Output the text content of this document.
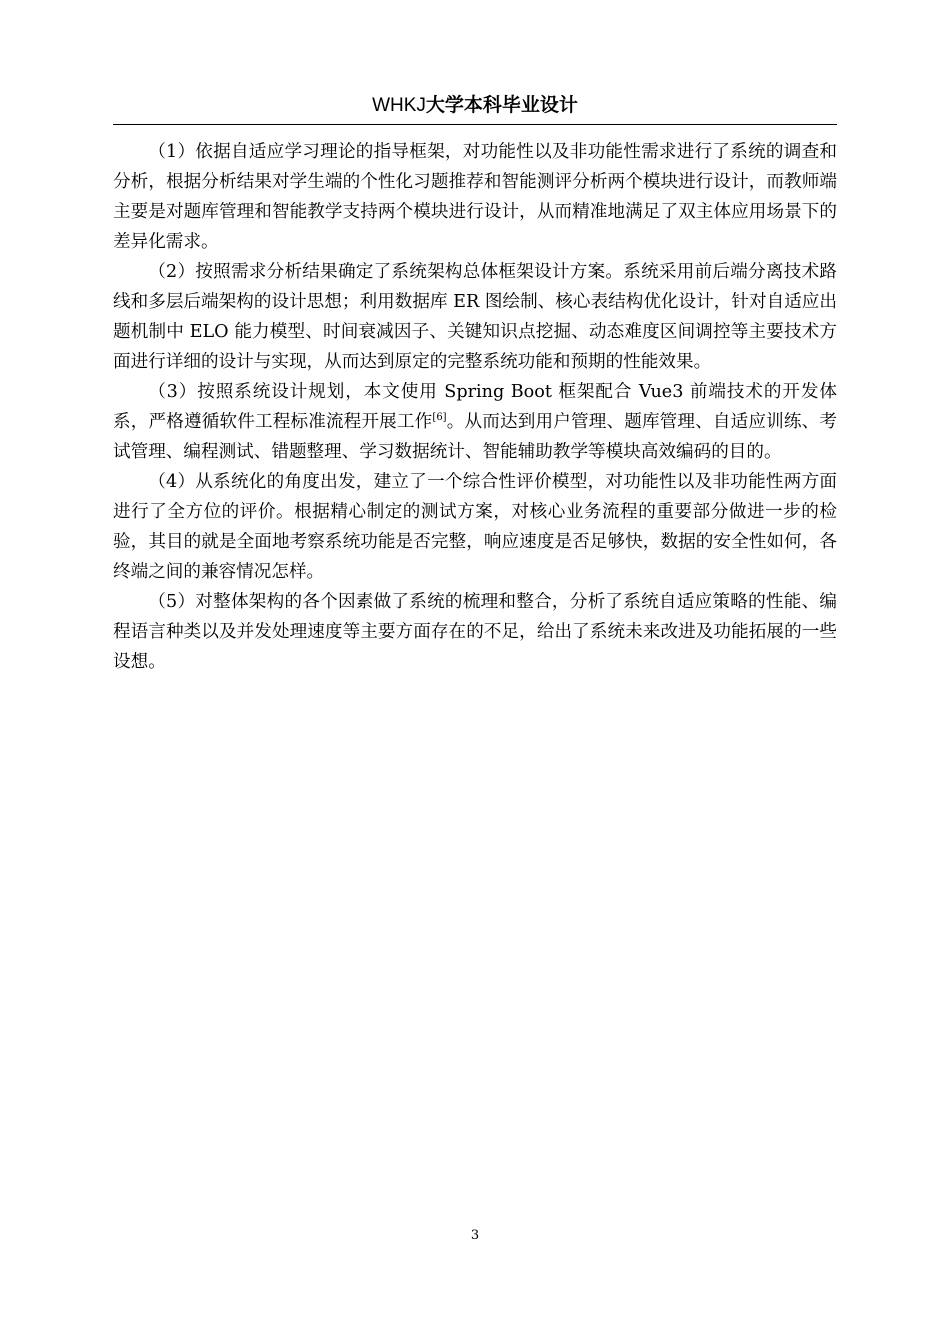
WHKJ大学本科毕业设计

（1）依据自适应学习理论的指导框架，对功能性以及非功能性需求进行了系统的调查和分析，根据分析结果对学生端的个性化习题推荐和智能测评分析两个模块进行设计，而教师端主要是对题库管理和智能教学支持两个模块进行设计，从而精准地满足了双主体应用场景下的差异化需求。

（2）按照需求分析结果确定了系统架构总体框架设计方案。系统采用前后端分离技术路线和多层后端架构的设计思想；利用数据库 ER 图绘制、核心表结构优化设计，针对自适应出题机制中 ELO 能力模型、时间衰减因子、关键知识点挖掘、动态难度区间调控等主要技术方面进行详细的设计与实现，从而达到原定的完整系统功能和预期的性能效果。

（3）按照系统设计规划，本文使用 Spring Boot 框架配合 Vue3 前端技术的开发体系，严格遵循软件工程标准流程开展工作[6]。从而达到用户管理、题库管理、自适应训练、考试管理、编程测试、错题整理、学习数据统计、智能辅助教学等模块高效编码的目的。

（4）从系统化的角度出发，建立了一个综合性评价模型，对功能性以及非功能性两方面进行了全方位的评价。根据精心制定的测试方案，对核心业务流程的重要部分做进一步的检验，其目的就是全面地考察系统功能是否完整，响应速度是否足够快，数据的安全性如何，各终端之间的兼容情况怎样。

（5）对整体架构的各个因素做了系统的梳理和整合，分析了系统自适应策略的性能、编程语言种类以及并发处理速度等主要方面存在的不足，给出了系统未来改进及功能拓展的一些设想。

3
